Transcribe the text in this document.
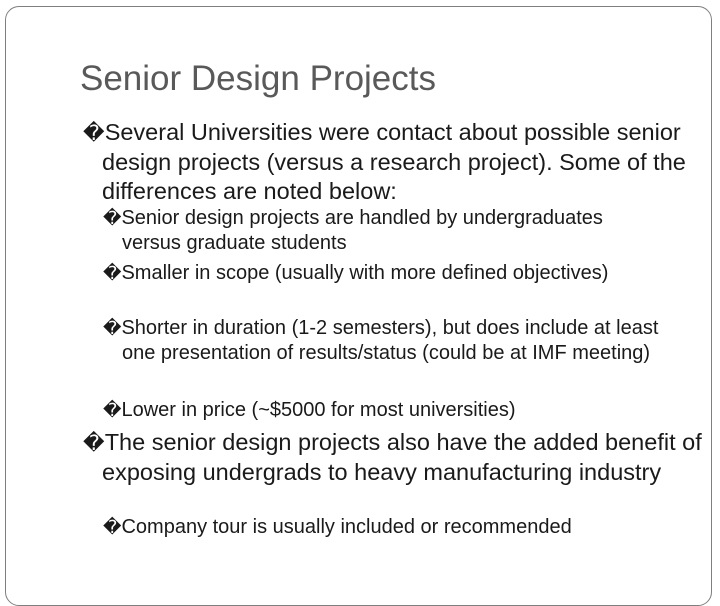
Senior Design Projects
�Several Universities were contact about possible senior design projects (versus a research project). Some of the differences are noted below:
�Senior design projects are handled by undergraduates versus graduate students
�Smaller in scope (usually with more defined objectives)
�Shorter in duration (1-2 semesters), but does include at least one presentation of results/status (could be at IMF meeting)
�Lower in price (~$5000 for most universities)
�The senior design projects also have the added benefit of exposing undergrads to heavy manufacturing industry
�Company tour is usually included or recommended
